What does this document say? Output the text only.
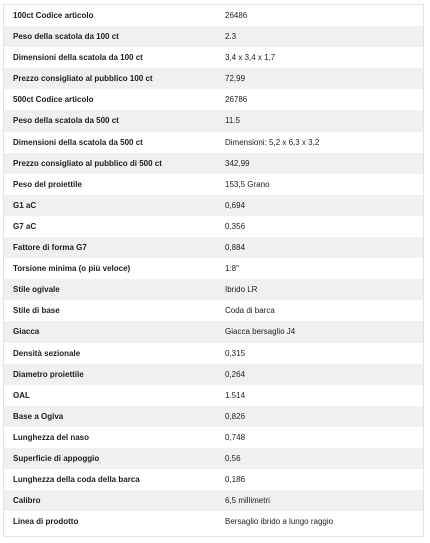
100ct Codice articolo	26486
Peso della scatola da 100 ct	2.3
Dimensioni della scatola da 100 ct	3,4 x 3,4 x 1,7
Prezzo consigliato al pubblico 100 ct	72,99
500ct Codice articolo	26786
Peso della scatola da 500 ct	11.5
Dimensioni della scatola da 500 ct	Dimensioni: 5,2 x 6,3 x 3,2
Prezzo consigliato al pubblico di 500 ct	342,99
Peso del proiettile	153,5 Grano
G1 aC	0,694
G7 aC	0,356
Fattore di forma G7	0,884
Torsione minima (o più veloce)	1:8"
Stile ogivale	Ibrido LR
Stile di base	Coda di barca
Giacca	Giacca bersaglio J4
Densità sezionale	0,315
Diametro proiettile	0,264
OAL	1.514
Base a Ogiva	0,826
Lunghezza del naso	0,748
Superficie di appoggio	0,56
Lunghezza della coda della barca	0,186
Calibro	6,5 millimetri
Linea di prodotto	Bersaglio ibrido a lungo raggio
